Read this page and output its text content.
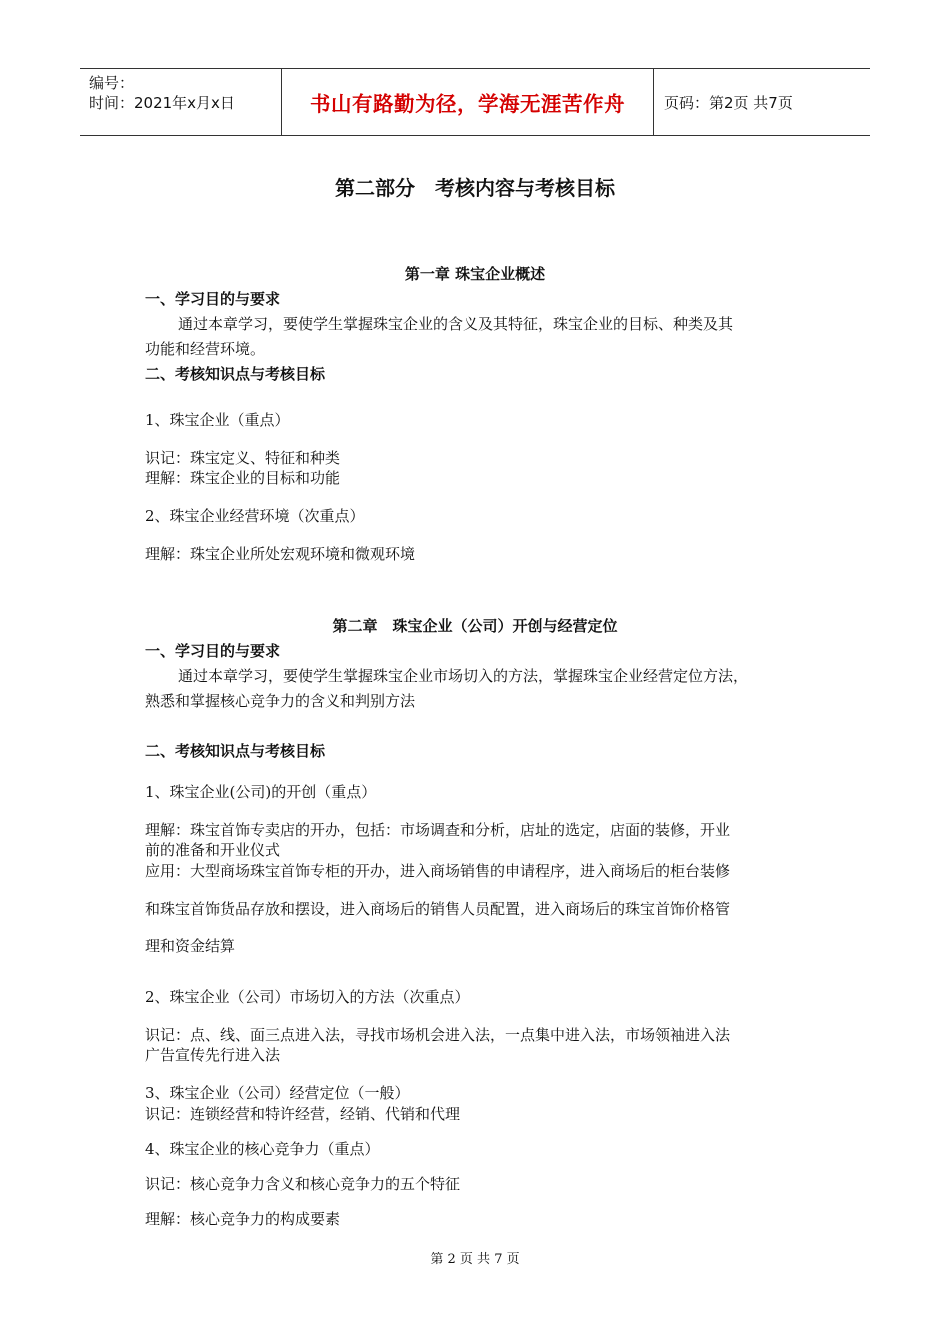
编号：
时间：2021年x月x日	书山有路勤为径，学海无涯苦作舟	页码：第2页 共7页
第二部分　考核内容与考核目标
第一章 珠宝企业概述
一、学习目的与要求
通过本章学习，要使学生掌握珠宝企业的含义及其特征，珠宝企业的目标、种类及其
功能和经营环境。
二、考核知识点与考核目标
1、珠宝企业（重点）
识记：珠宝定义、特征和种类
理解：珠宝企业的目标和功能
2、珠宝企业经营环境（次重点）
理解：珠宝企业所处宏观环境和微观环境
第二章　珠宝企业（公司）开创与经营定位
一、学习目的与要求
通过本章学习，要使学生掌握珠宝企业市场切入的方法，掌握珠宝企业经营定位方法，
熟悉和掌握核心竞争力的含义和判别方法
二、考核知识点与考核目标
1、珠宝企业(公司)的开创（重点）
理解：珠宝首饰专卖店的开办，包括：市场调查和分析，店址的选定，店面的装修，开业
前的准备和开业仪式
应用：大型商场珠宝首饰专柜的开办，进入商场销售的申请程序，进入商场后的柜台装修
和珠宝首饰货品存放和摆设，进入商场后的销售人员配置，进入商场后的珠宝首饰价格管
理和资金结算
2、珠宝企业（公司）市场切入的方法（次重点）
识记：点、线、面三点进入法，寻找市场机会进入法，一点集中进入法，市场领袖进入法
广告宣传先行进入法
3、珠宝企业（公司）经营定位（一般）
识记：连锁经营和特许经营，经销、代销和代理
4、珠宝企业的核心竞争力（重点）
识记：核心竞争力含义和核心竞争力的五个特征
理解：核心竞争力的构成要素
第 2 页 共 7 页
